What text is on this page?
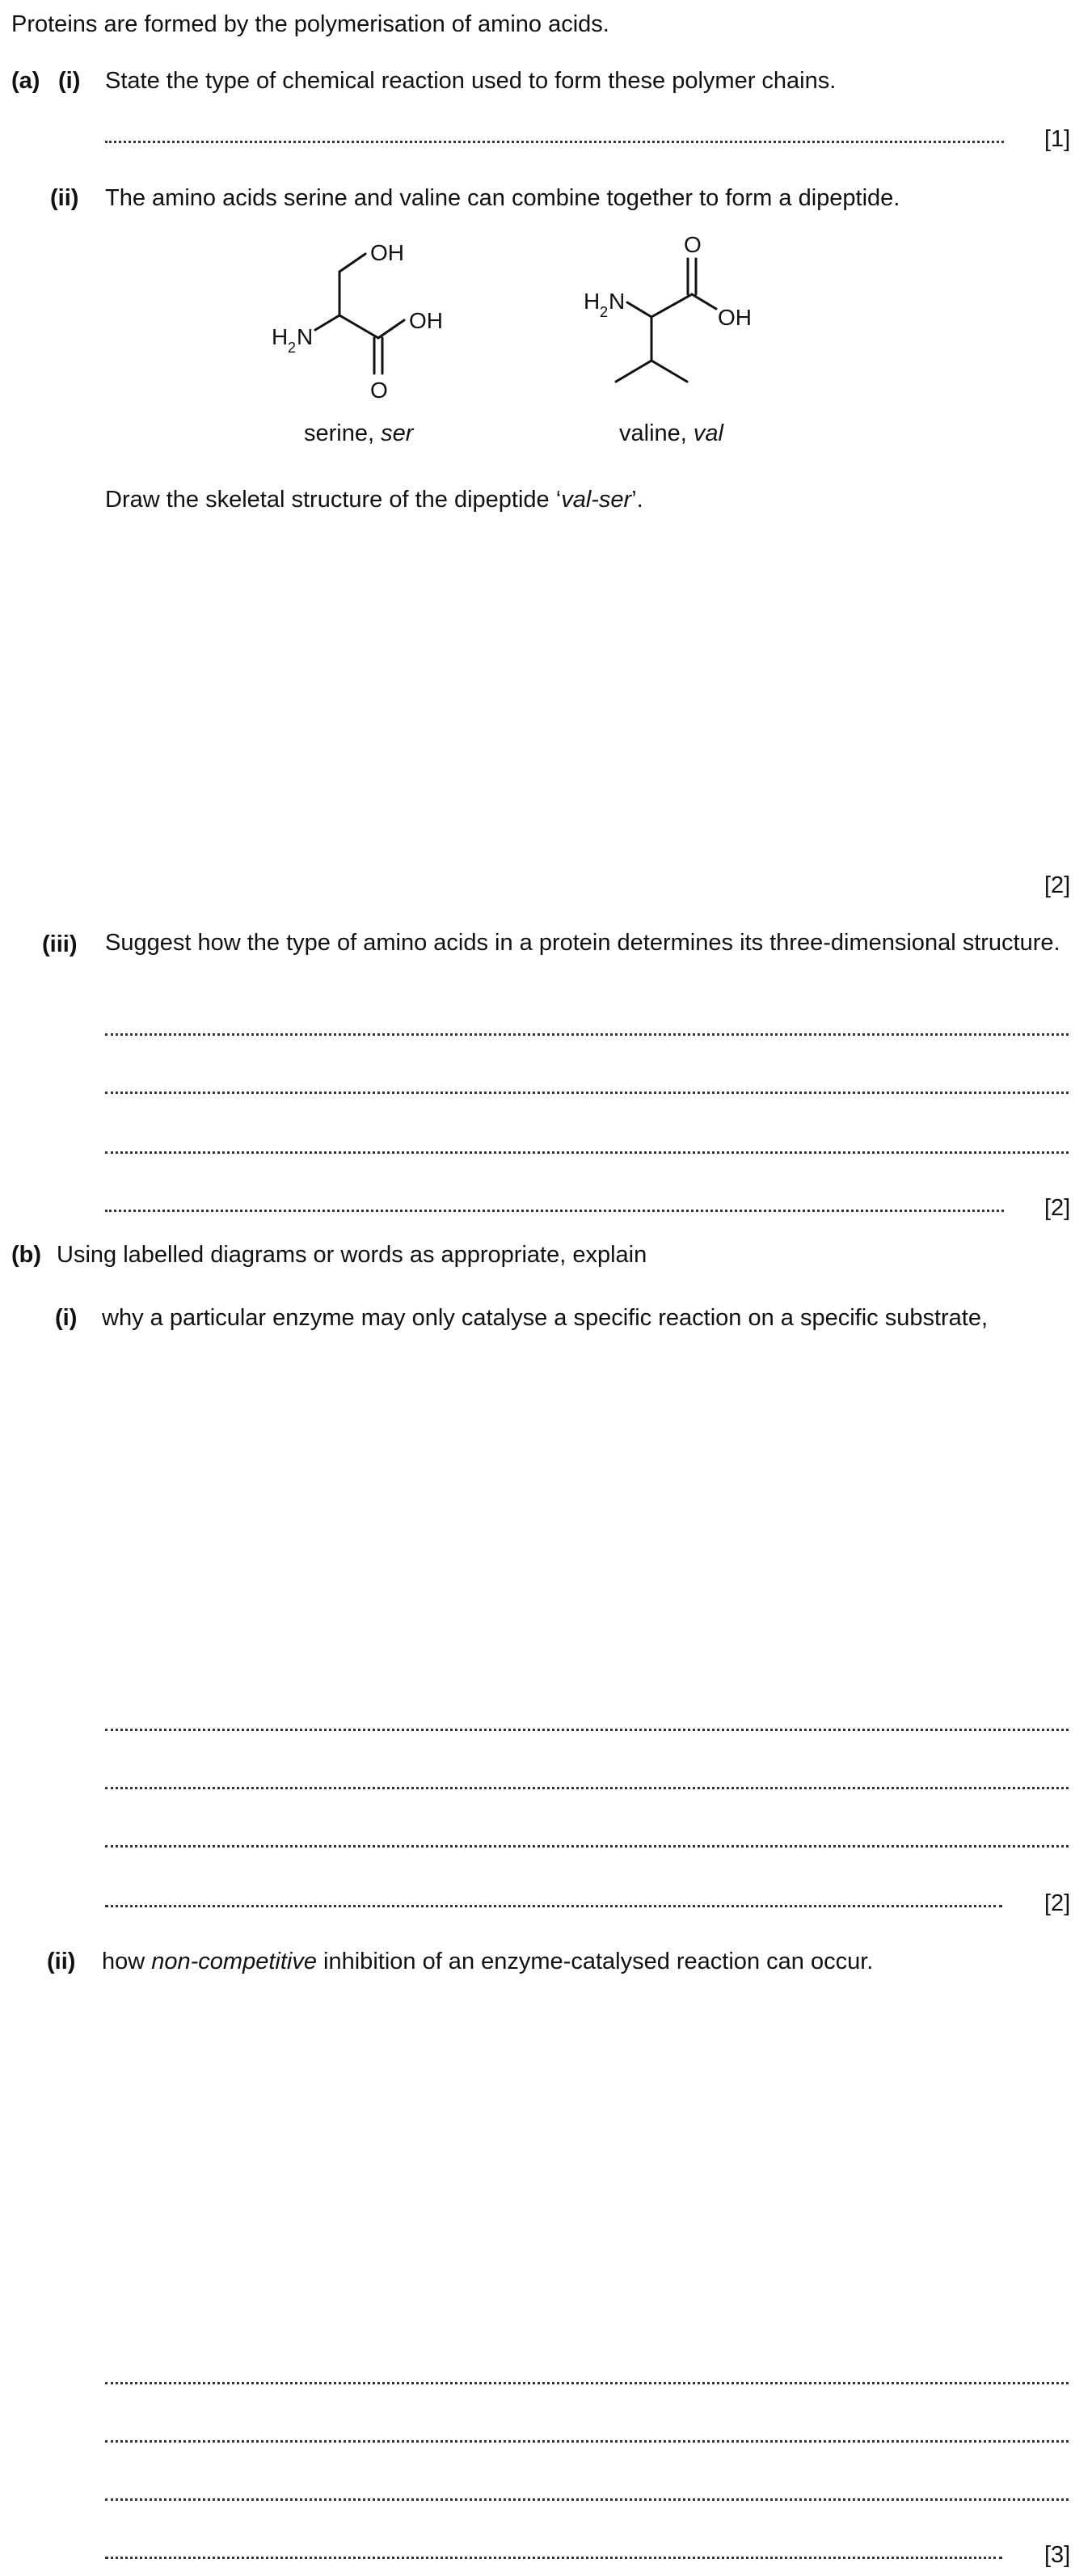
Proteins are formed by the polymerisation of amino acids.
(a) (i) State the type of chemical reaction used to form these polymer chains.
[1]
(ii) The amino acids serine and valine can combine together to form a dipeptide.
OH
OH
H 2 N
O
O
OH
H 2 N
serine, ser	valine, val
Draw the skeletal structure of the dipeptide ‘val-ser’.
[2]
(iii) Suggest how the type of amino acids in a protein determines its three-dimensional structure.
[2]
(b) Using labelled diagrams or words as appropriate, explain
(i) why a particular enzyme may only catalyse a specific reaction on a specific substrate,
[2]
(ii) how non-competitive inhibition of an enzyme-catalysed reaction can occur.
[3]
